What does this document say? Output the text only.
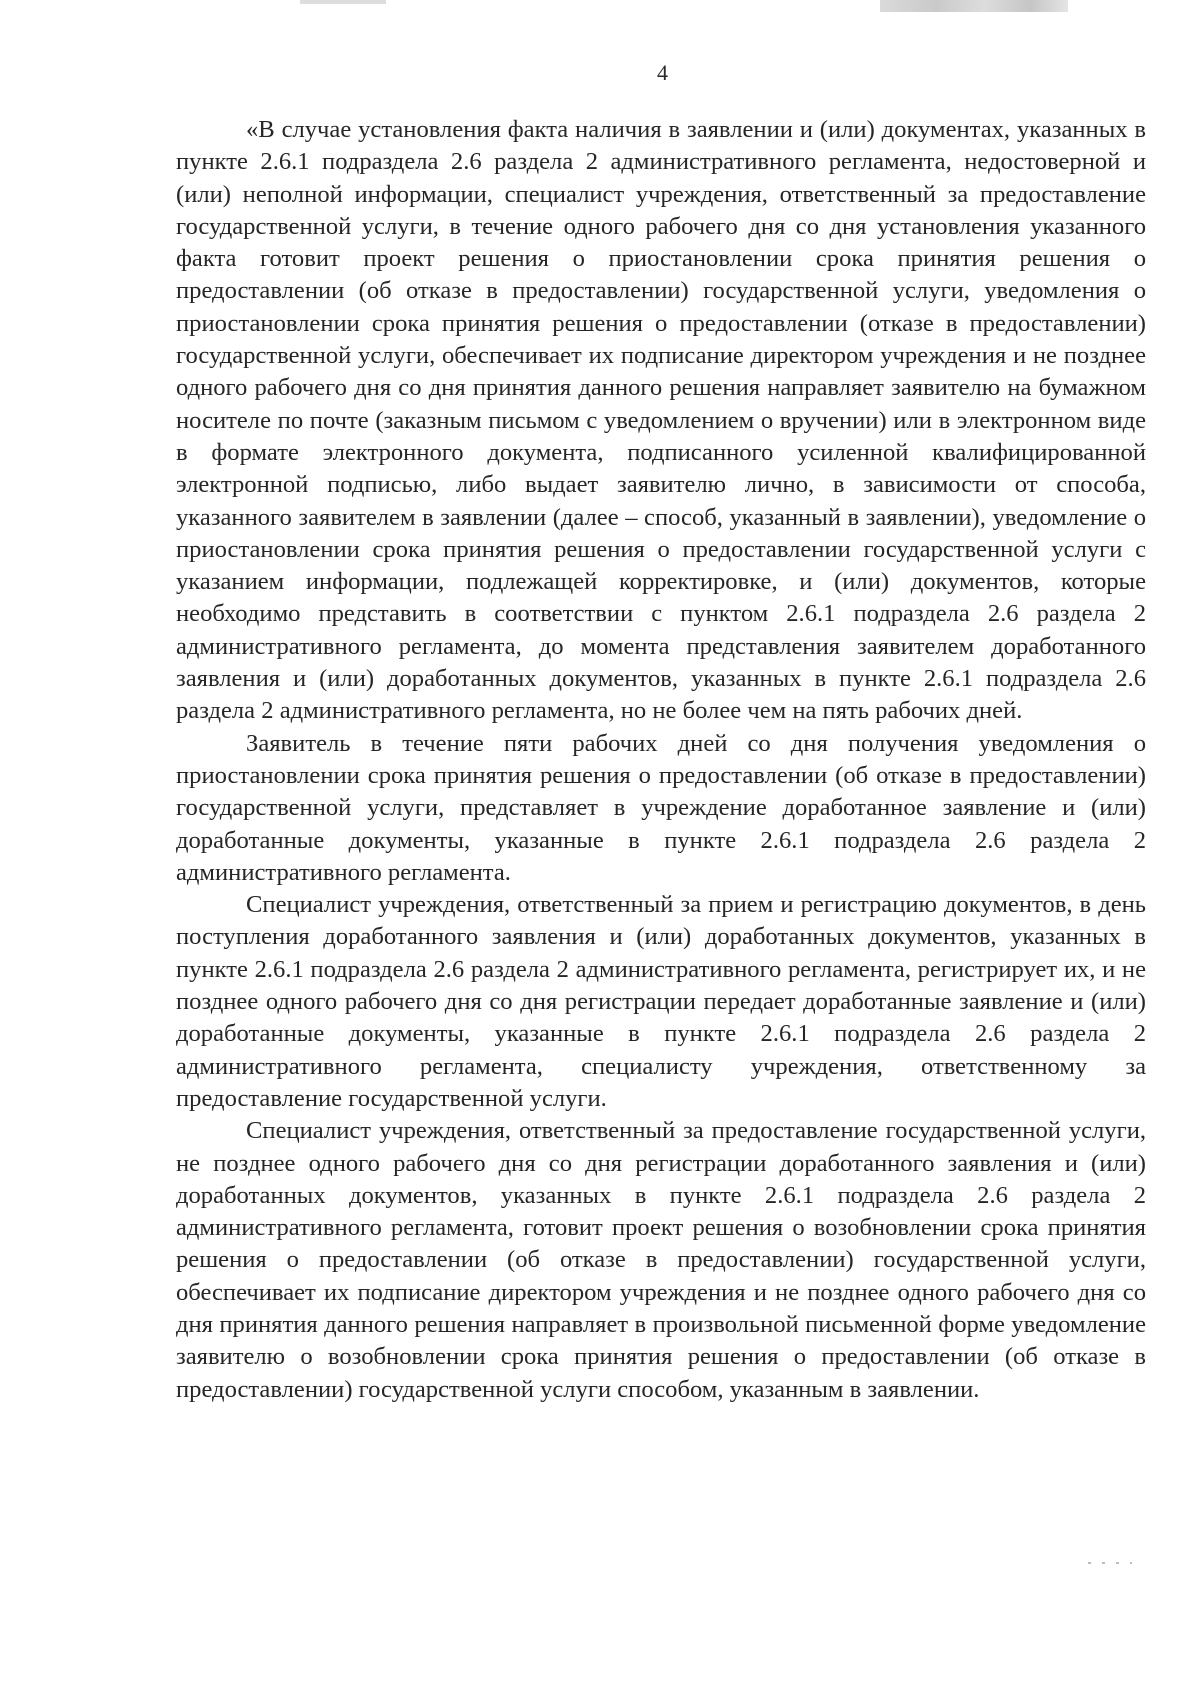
4

«В случае установления факта наличия в заявлении и (или) документах, указанных в пункте 2.6.1 подраздела 2.6 раздела 2 административного регламента, недостоверной и (или) неполной информации, специалист учреждения, ответственный за предоставление государственной услуги, в течение одного рабочего дня со дня установления указанного факта готовит проект решения о приостановлении срока принятия решения о предоставлении (об отказе в предоставлении) государственной услуги, уведомления о приостановлении срока принятия решения о предоставлении (отказе в предоставлении) государственной услуги, обеспечивает их подписание директором учреждения и не позднее одного рабочего дня со дня принятия данного решения направляет заявителю на бумажном носителе по почте (заказным письмом с уведомлением о вручении) или в электронном виде в формате электронного документа, подписанного усиленной квалифицированной электронной подписью, либо выдает заявителю лично, в зависимости от способа, указанного заявителем в заявлении (далее – способ, указанный в заявлении), уведомление о приостановлении срока принятия решения о предоставлении государственной услуги с указанием информации, подлежащей корректировке, и (или) документов, которые необходимо представить в соответствии с пунктом 2.6.1 подраздела 2.6 раздела 2 административного регламента, до момента представления заявителем доработанного заявления и (или) доработанных документов, указанных в пункте 2.6.1 подраздела 2.6 раздела 2 административного регламента, но не более чем на пять рабочих дней.

Заявитель в течение пяти рабочих дней со дня получения уведомления о приостановлении срока принятия решения о предоставлении (об отказе в предоставлении) государственной услуги, представляет в учреждение доработанное заявление и (или) доработанные документы, указанные в пункте 2.6.1 подраздела 2.6 раздела 2 административного регламента.

Специалист учреждения, ответственный за прием и регистрацию документов, в день поступления доработанного заявления и (или) доработанных документов, указанных в пункте 2.6.1 подраздела 2.6 раздела 2 административного регламента, регистрирует их, и не позднее одного рабочего дня со дня регистрации передает доработанные заявление и (или) доработанные документы, указанные в пункте 2.6.1 подраздела 2.6 раздела 2 административного регламента, специалисту учреждения, ответственному за предоставление государственной услуги.

Специалист учреждения, ответственный за предоставление государственной услуги, не позднее одного рабочего дня со дня регистрации доработанного заявления и (или) доработанных документов, указанных в пункте 2.6.1 подраздела 2.6 раздела 2 административного регламента, готовит проект решения о возобновлении срока принятия решения о предоставлении (об отказе в предоставлении) государственной услуги, обеспечивает их подписание директором учреждения и не позднее одного рабочего дня со дня принятия данного решения направляет в произвольной письменной форме уведомление заявителю о возобновлении срока принятия решения о предоставлении (об отказе в предоставлении) государственной услуги способом, указанным в заявлении.
